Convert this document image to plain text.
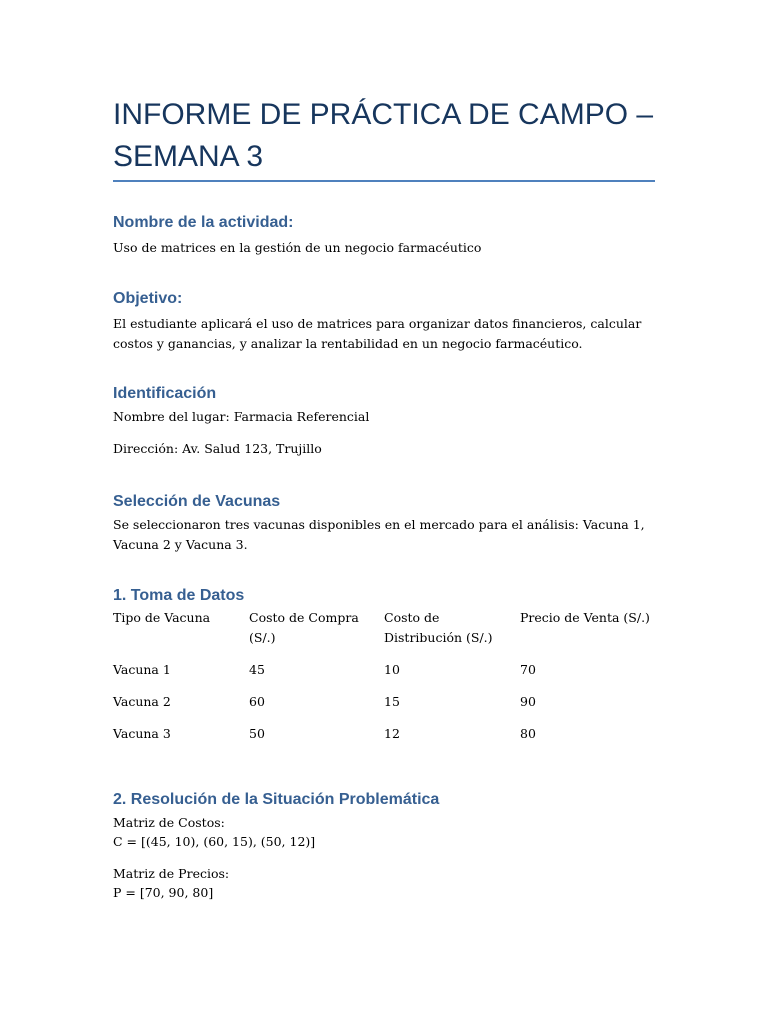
INFORME DE PRÁCTICA DE CAMPO –
SEMANA 3
Nombre de la actividad:

Uso de matrices en la gestión de un negocio farmacéutico

Objetivo:

El estudiante aplicará el uso de matrices para organizar datos financieros, calcular costos y ganancias, y analizar la rentabilidad en un negocio farmacéutico.

Identificación

Nombre del lugar: Farmacia Referencial

Dirección: Av. Salud 123, Trujillo

Selección de Vacunas

Se seleccionaron tres vacunas disponibles en el mercado para el análisis: Vacuna 1, Vacuna 2 y Vacuna 3.

1. Toma de Datos
Tipo de Vacuna	Costo de Compra (S/.)	Costo de Distribución (S/.)	Precio de Venta (S/.)
Vacuna 1	45	10	70
Vacuna 2	60	15	90
Vacuna 3	50	12	80
2. Resolución de la Situación Problemática

Matriz de Costos:

C = [(45, 10), (60, 15), (50, 12)]

Matriz de Precios:

P = [70, 90, 80]
